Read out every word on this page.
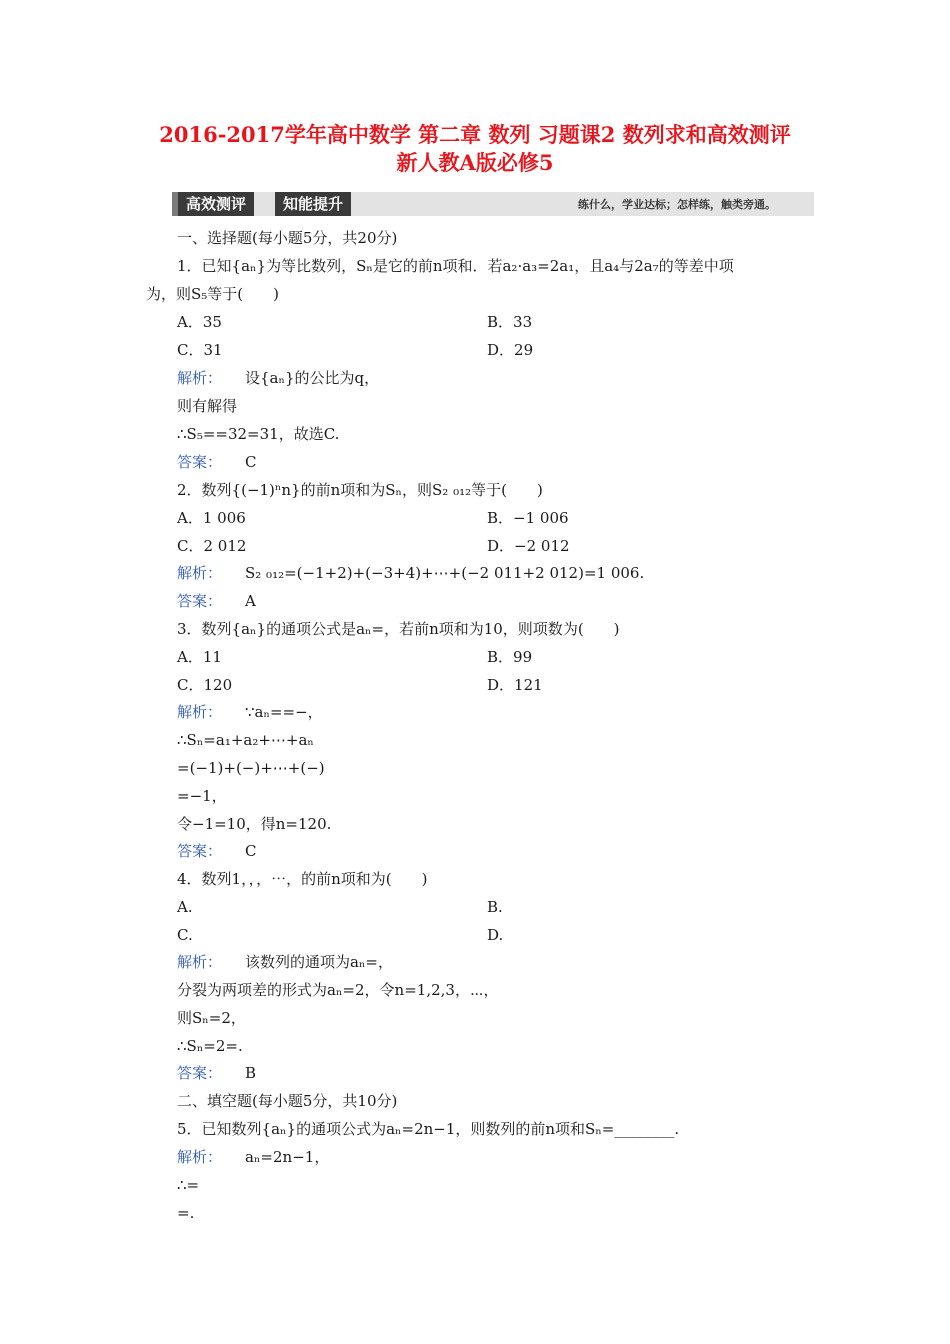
2016-2017学年高中数学 第二章 数列 习题课2 数列求和高效测评
新人教A版必修5
高效测评	知能提升	练什么，学业达标；怎样练，触类旁通。
一、选择题(每小题5分，共20分)
1．已知{aₙ}为等比数列，Sₙ是它的前n项和．若a₂·a₃=2a₁，且a₄与2a₇的等差中项
为，则S₅等于(　　)
A．35	B．33
C．31	D．29
解析： 设{aₙ}的公比为q，
则有解得
∴S₅==32=31，故选C.
答案： C
2．数列{(−1)ⁿn}的前n项和为Sₙ，则S₂ ₀₁₂等于(　　)
A．1 006	B．−1 006
C．2 012	D．−2 012
解析： S₂ ₀₁₂=(−1+2)+(−3+4)+⋯+(−2 011+2 012)=1 006.
答案： A
3．数列{aₙ}的通项公式是aₙ=，若前n项和为10，则项数为(　　)
A．11	B．99
C．120	D．121
解析： ∵aₙ==−，
∴Sₙ=a₁+a₂+⋯+aₙ
=(−1)+(−)+⋯+(−)
=−1，
令−1=10，得n=120.
答案： C
4．数列1，，，⋯，的前n项和为(　　)
A.	B.
C.	D.
解析： 该数列的通项为aₙ=，
分裂为两项差的形式为aₙ=2，令n=1,2,3，⋯，
则Sₙ=2，
∴Sₙ=2=.
答案： B
二、填空题(每小题5分，共10分)
5．已知数列{aₙ}的通项公式为aₙ=2n−1，则数列的前n项和Sₙ=________.
解析： aₙ=2n−1，
∴=
=.
